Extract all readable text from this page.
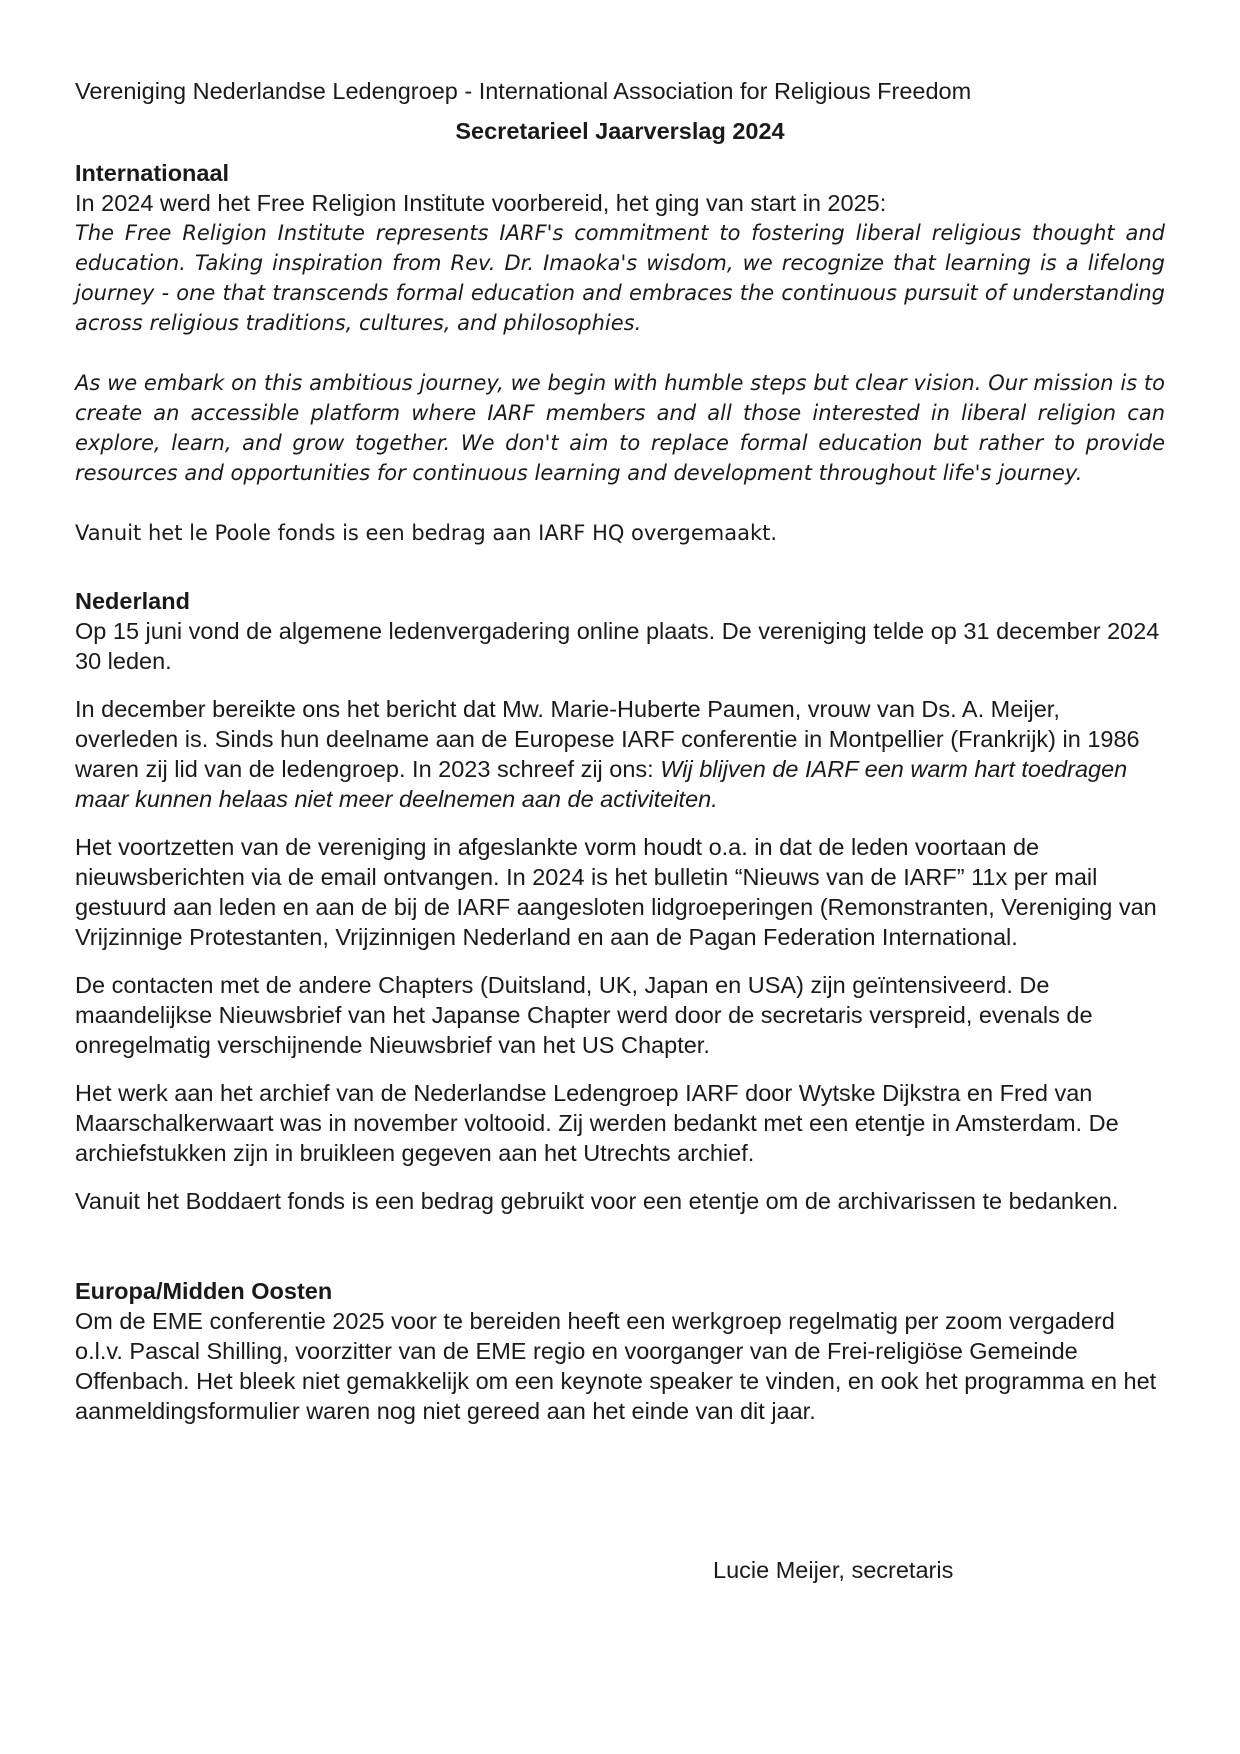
Vereniging Nederlandse Ledengroep - International Association for Religious Freedom

Secretarieel Jaarverslag 2024

Internationaal

In 2024 werd het Free Religion Institute voorbereid, het ging van start in 2025:

The Free Religion Institute represents IARF's commitment to fostering liberal religious thought and education. Taking inspiration from Rev. Dr. Imaoka's wisdom, we recognize that learning is a lifelong journey - one that transcends formal education and embraces the continuous pursuit of understanding across religious traditions, cultures, and philosophies.

As we embark on this ambitious journey, we begin with humble steps but clear vision. Our mission is to create an accessible platform where IARF members and all those interested in liberal religion can explore, learn, and grow together. We don't aim to replace formal education but rather to provide resources and opportunities for continuous learning and development throughout life's journey.

Vanuit het le Poole fonds is een bedrag aan IARF HQ overgemaakt.

Nederland

Op 15 juni vond de algemene ledenvergadering online plaats. De vereniging telde op 31 december 2024 30 leden.

In december bereikte ons het bericht dat Mw. Marie-Huberte Paumen, vrouw van Ds. A. Meijer, overleden is. Sinds hun deelname aan de Europese IARF conferentie in Montpellier (Frankrijk) in 1986 waren zij lid van de ledengroep. In 2023 schreef zij ons: Wij blijven de IARF een warm hart toedragen maar kunnen helaas niet meer deelnemen aan de activiteiten.

Het voortzetten van de vereniging in afgeslankte vorm houdt o.a. in dat de leden voortaan de nieuwsberichten via de email ontvangen. In 2024 is het bulletin “Nieuws van de IARF” 11x per mail gestuurd aan leden en aan de bij de IARF aangesloten lidgroeperingen (Remonstranten, Vereniging van Vrijzinnige Protestanten, Vrijzinnigen Nederland en aan de Pagan Federation International.

De contacten met de andere Chapters (Duitsland, UK, Japan en USA) zijn geïntensiveerd. De maandelijkse Nieuwsbrief van het Japanse Chapter werd door de secretaris verspreid, evenals de onregelmatig verschijnende Nieuwsbrief van het US Chapter.

Het werk aan het archief van de Nederlandse Ledengroep IARF door Wytske Dijkstra en Fred van Maarschalkerwaart was in november voltooid. Zij werden bedankt met een etentje in Amsterdam. De archiefstukken zijn in bruikleen gegeven aan het Utrechts archief.

Vanuit het Boddaert fonds is een bedrag gebruikt voor een etentje om de archivarissen te bedanken.

Europa/Midden Oosten

Om de EME conferentie 2025 voor te bereiden heeft een werkgroep regelmatig per zoom vergaderd o.l.v. Pascal Shilling, voorzitter van de EME regio en voorganger van de Frei-religiöse Gemeinde Offenbach. Het bleek niet gemakkelijk om een keynote speaker te vinden, en ook het programma en het aanmeldingsformulier waren nog niet gereed aan het einde van dit jaar.

Lucie Meijer, secretaris
